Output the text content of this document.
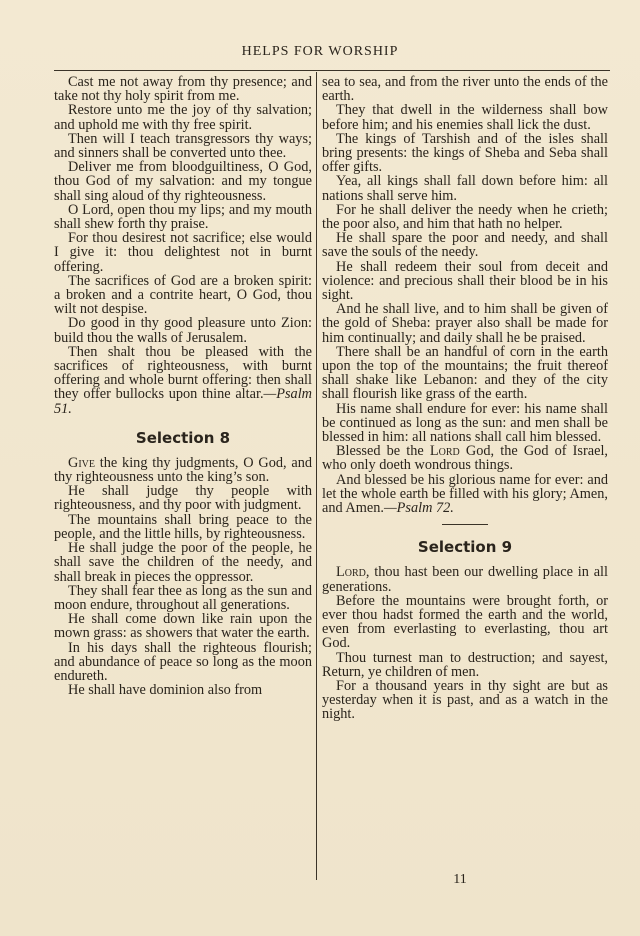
HELPS FOR WORSHIP

Cast me not away from thy presence; and take not thy holy spirit from me.

Restore unto me the joy of thy salvation; and uphold me with thy free spirit.

Then will I teach transgressors thy ways; and sinners shall be converted unto thee.

Deliver me from bloodguiltiness, O God, thou God of my salvation: and my tongue shall sing aloud of thy righteousness.

O Lord, open thou my lips; and my mouth shall shew forth thy praise.

For thou desirest not sacrifice; else would I give it: thou delightest not in burnt offering.

The sacrifices of God are a broken spirit: a broken and a contrite heart, O God, thou wilt not despise.

Do good in thy good pleasure unto Zion: build thou the walls of Jerusalem.

Then shalt thou be pleased with the sacrifices of righteousness, with burnt offering and whole burnt offering: then shall they offer bullocks upon thine altar.—Psalm 51.

Selection 8

Give the king thy judgments, O God, and thy righteousness unto the king’s son.

He shall judge thy people with righteousness, and thy poor with judgment.

The mountains shall bring peace to the people, and the little hills, by righteousness.

He shall judge the poor of the people, he shall save the children of the needy, and shall break in pieces the oppressor.

They shall fear thee as long as the sun and moon endure, throughout all generations.

He shall come down like rain upon the mown grass: as showers that water the earth.

In his days shall the righteous flourish; and abundance of peace so long as the moon endureth.

He shall have dominion also from

sea to sea, and from the river unto the ends of the earth.

They that dwell in the wilderness shall bow before him; and his enemies shall lick the dust.

The kings of Tarshish and of the isles shall bring presents: the kings of Sheba and Seba shall offer gifts.

Yea, all kings shall fall down before him: all nations shall serve him.

For he shall deliver the needy when he crieth; the poor also, and him that hath no helper.

He shall spare the poor and needy, and shall save the souls of the needy.

He shall redeem their soul from deceit and violence: and precious shall their blood be in his sight.

And he shall live, and to him shall be given of the gold of Sheba: prayer also shall be made for him continually; and daily shall he be praised.

There shall be an handful of corn in the earth upon the top of the mountains; the fruit thereof shall shake like Lebanon: and they of the city shall flourish like grass of the earth.

His name shall endure for ever: his name shall be continued as long as the sun: and men shall be blessed in him: all nations shall call him blessed.

Blessed be the Lord God, the God of Israel, who only doeth wondrous things.

And blessed be his glorious name for ever: and let the whole earth be filled with his glory; Amen, and Amen.—Psalm 72.

Selection 9

Lord, thou hast been our dwelling place in all generations.

Before the mountains were brought forth, or ever thou hadst formed the earth and the world, even from everlasting to everlasting, thou art God.

Thou turnest man to destruction; and sayest, Return, ye children of men.

For a thousand years in thy sight are but as yesterday when it is past, and as a watch in the night.

11
